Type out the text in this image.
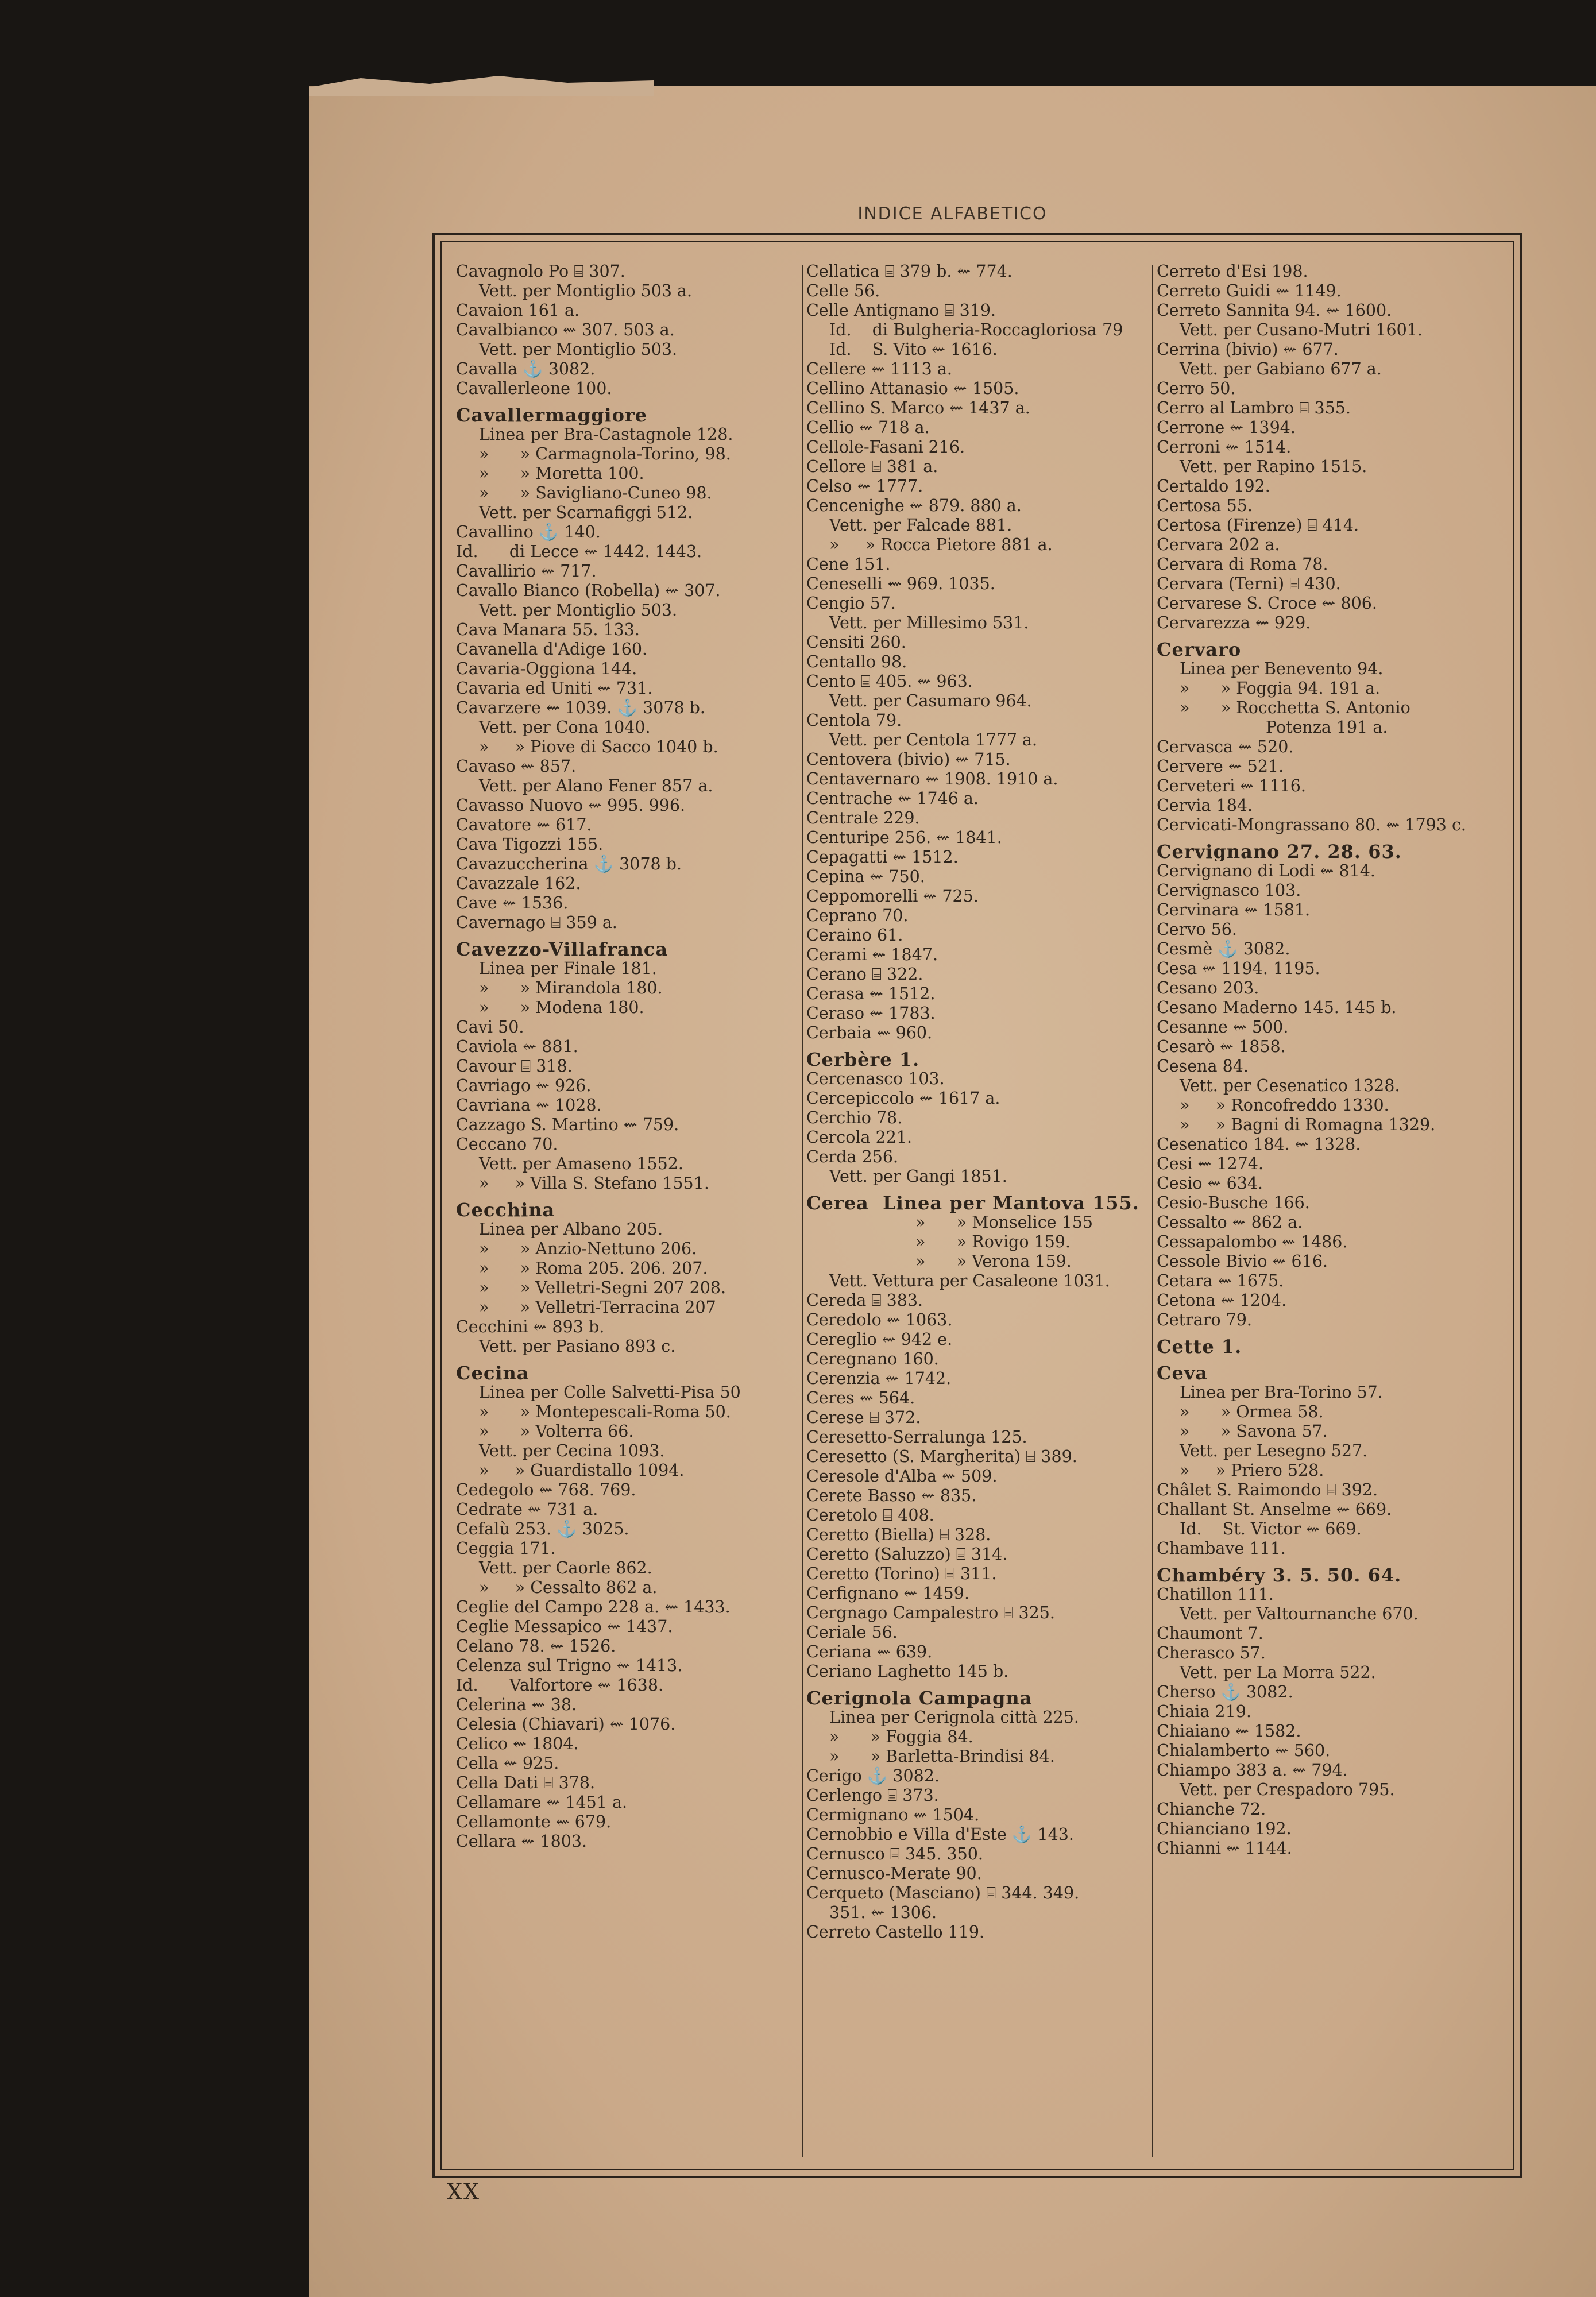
INDICE ALFABETICO
Cavagnolo Po ⌸ 307.
Vett. per Montiglio 503 a.
Cavaion 161 a.
Cavalbianco ⇜ 307. 503 a.
Vett. per Montiglio 503.
Cavalla ⚓ 3082.
Cavallerleone 100.
Cavallermaggiore
Linea per Bra-Castagnole 128.
»      » Carmagnola-Torino, 98.
»      » Moretta 100.
»      » Savigliano-Cuneo 98.
Vett. per Scarnafiggi 512.
Cavallino ⚓ 140.
Id.      di Lecce ⇜ 1442. 1443.
Cavallirio ⇜ 717.
Cavallo Bianco (Robella) ⇜ 307.
Vett. per Montiglio 503.
Cava Manara 55. 133.
Cavanella d'Adige 160.
Cavaria-Oggiona 144.
Cavaria ed Uniti ⇜ 731.
Cavarzere ⇜ 1039. ⚓ 3078 b.
Vett. per Cona 1040.
»     » Piove di Sacco 1040 b.
Cavaso ⇜ 857.
Vett. per Alano Fener 857 a.
Cavasso Nuovo ⇜ 995. 996.
Cavatore ⇜ 617.
Cava Tigozzi 155.
Cavazuccherina ⚓ 3078 b.
Cavazzale 162.
Cave ⇜ 1536.
Cavernago ⌸ 359 a.
Cavezzo-Villafranca
Linea per Finale 181.
»      » Mirandola 180.
»      » Modena 180.
Cavi 50.
Caviola ⇜ 881.
Cavour ⌸ 318.
Cavriago ⇜ 926.
Cavriana ⇜ 1028.
Cazzago S. Martino ⇜ 759.
Ceccano 70.
Vett. per Amaseno 1552.
»     » Villa S. Stefano 1551.
Cecchina
Linea per Albano 205.
»      » Anzio-Nettuno 206.
»      » Roma 205. 206. 207.
»      » Velletri-Segni 207 208.
»      » Velletri-Terracina 207
Cecchini ⇜ 893 b.
Vett. per Pasiano 893 c.
Cecina
Linea per Colle Salvetti-Pisa 50
»      » Montepescali-Roma 50.
»      » Volterra 66.
Vett. per Cecina 1093.
»     » Guardistallo 1094.
Cedegolo ⇜ 768. 769.
Cedrate ⇜ 731 a.
Cefalù 253. ⚓ 3025.
Ceggia 171.
Vett. per Caorle 862.
»     » Cessalto 862 a.
Ceglie del Campo 228 a. ⇜ 1433.
Ceglie Messapico ⇜ 1437.
Celano 78. ⇜ 1526.
Celenza sul Trigno ⇜ 1413.
Id.      Valfortore ⇜ 1638.
Celerina ⇜ 38.
Celesia (Chiavari) ⇜ 1076.
Celico ⇜ 1804.
Cella ⇜ 925.
Cella Dati ⌸ 378.
Cellamare ⇜ 1451 a.
Cellamonte ⇜ 679.
Cellara ⇜ 1803.
Cellatica ⌸ 379 b. ⇜ 774.
Celle 56.
Celle Antignano ⌸ 319.
Id.    di Bulgheria-Roccagloriosa 79
Id.    S. Vito ⇜ 1616.
Cellere ⇜ 1113 a.
Cellino Attanasio ⇜ 1505.
Cellino S. Marco ⇜ 1437 a.
Cellio ⇜ 718 a.
Cellole-Fasani 216.
Cellore ⌸ 381 a.
Celso ⇜ 1777.
Cencenighe ⇜ 879. 880 a.
Vett. per Falcade 881.
»     » Rocca Pietore 881 a.
Cene 151.
Ceneselli ⇜ 969. 1035.
Cengio 57.
Vett. per Millesimo 531.
Censiti 260.
Centallo 98.
Cento ⌸ 405. ⇜ 963.
Vett. per Casumaro 964.
Centola 79.
Vett. per Centola 1777 a.
Centovera (bivio) ⇜ 715.
Centavernaro ⇜ 1908. 1910 a.
Centrache ⇜ 1746 a.
Centrale 229.
Centuripe 256. ⇜ 1841.
Cepagatti ⇜ 1512.
Cepina ⇜ 750.
Ceppomorelli ⇜ 725.
Ceprano 70.
Ceraino 61.
Cerami ⇜ 1847.
Cerano ⌸ 322.
Cerasa ⇜ 1512.
Ceraso ⇜ 1783.
Cerbaia ⇜ 960.
Cerbère 1.
Cercenasco 103.
Cercepiccolo ⇜ 1617 a.
Cerchio 78.
Cercola 221.
Cerda 256.
Vett. per Gangi 1851.
Cerea  Linea per Mantova 155.
»      » Monselice 155
»      » Rovigo 159.
»      » Verona 159.
Vett. Vettura per Casaleone 1031.
Cereda ⌸ 383.
Ceredolo ⇜ 1063.
Cereglio ⇜ 942 e.
Ceregnano 160.
Cerenzia ⇜ 1742.
Ceres ⇜ 564.
Cerese ⌸ 372.
Ceresetto-Serralunga 125.
Ceresetto (S. Margherita) ⌸ 389.
Ceresole d'Alba ⇜ 509.
Cerete Basso ⇜ 835.
Ceretolo ⌸ 408.
Ceretto (Biella) ⌸ 328.
Ceretto (Saluzzo) ⌸ 314.
Ceretto (Torino) ⌸ 311.
Cerfignano ⇜ 1459.
Cergnago Campalestro ⌸ 325.
Ceriale 56.
Ceriana ⇜ 639.
Ceriano Laghetto 145 b.
Cerignola Campagna
Linea per Cerignola città 225.
»      » Foggia 84.
»      » Barletta-Brindisi 84.
Cerigo ⚓ 3082.
Cerlengo ⌸ 373.
Cermignano ⇜ 1504.
Cernobbio e Villa d'Este ⚓ 143.
Cernusco ⌸ 345. 350.
Cernusco-Merate 90.
Cerqueto (Masciano) ⌸ 344. 349.
351. ⇜ 1306.
Cerreto Castello 119.
Cerreto d'Esi 198.
Cerreto Guidi ⇜ 1149.
Cerreto Sannita 94. ⇜ 1600.
Vett. per Cusano-Mutri 1601.
Cerrina (bivio) ⇜ 677.
Vett. per Gabiano 677 a.
Cerro 50.
Cerro al Lambro ⌸ 355.
Cerrone ⇜ 1394.
Cerroni ⇜ 1514.
Vett. per Rapino 1515.
Certaldo 192.
Certosa 55.
Certosa (Firenze) ⌸ 414.
Cervara 202 a.
Cervara di Roma 78.
Cervara (Terni) ⌸ 430.
Cervarese S. Croce ⇜ 806.
Cervarezza ⇜ 929.
Cervaro
Linea per Benevento 94.
»      » Foggia 94. 191 a.
»      » Rocchetta S. Antonio
Potenza 191 a.
Cervasca ⇜ 520.
Cervere ⇜ 521.
Cerveteri ⇜ 1116.
Cervia 184.
Cervicati-Mongrassano 80. ⇜ 1793 c.
Cervignano 27. 28. 63.
Cervignano di Lodi ⇜ 814.
Cervignasco 103.
Cervinara ⇜ 1581.
Cervo 56.
Cesmè ⚓ 3082.
Cesa ⇜ 1194. 1195.
Cesano 203.
Cesano Maderno 145. 145 b.
Cesanne ⇜ 500.
Cesarò ⇜ 1858.
Cesena 84.
Vett. per Cesenatico 1328.
»     » Roncofreddo 1330.
»     » Bagni di Romagna 1329.
Cesenatico 184. ⇜ 1328.
Cesi ⇜ 1274.
Cesio ⇜ 634.
Cesio-Busche 166.
Cessalto ⇜ 862 a.
Cessapalombo ⇜ 1486.
Cessole Bivio ⇜ 616.
Cetara ⇜ 1675.
Cetona ⇜ 1204.
Cetraro 79.
Cette 1.
Ceva
Linea per Bra-Torino 57.
»      » Ormea 58.
»      » Savona 57.
Vett. per Lesegno 527.
»     » Priero 528.
Châlet S. Raimondo ⌸ 392.
Challant St. Anselme ⇜ 669.
Id.    St. Victor ⇜ 669.
Chambave 111.
Chambéry 3. 5. 50. 64.
Chatillon 111.
Vett. per Valtournanche 670.
Chaumont 7.
Cherasco 57.
Vett. per La Morra 522.
Cherso ⚓ 3082.
Chiaia 219.
Chiaiano ⇜ 1582.
Chialamberto ⇜ 560.
Chiampo 383 a. ⇜ 794.
Vett. per Crespadoro 795.
Chianche 72.
Chianciano 192.
Chianni ⇜ 1144.
XX
